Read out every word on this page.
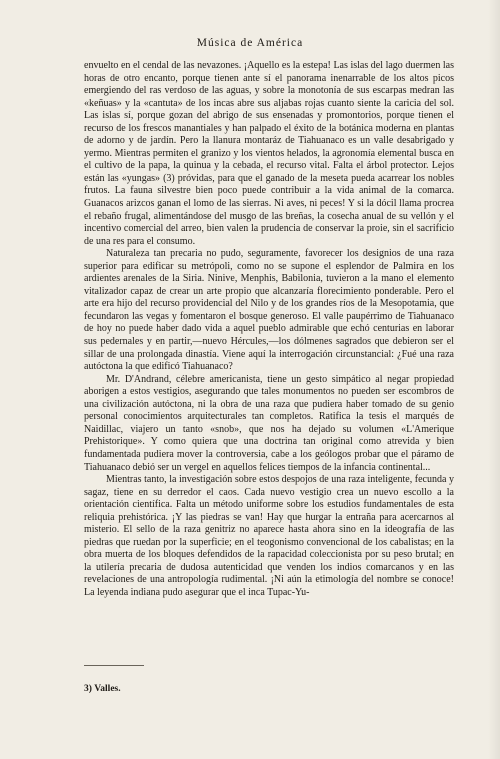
Música de América

envuelto en el cendal de las nevazones. ¡Aquello es la estepa! Las islas del lago duermen las horas de otro encanto, porque tienen ante sí el panorama inenarrable de los altos picos emergiendo del ras verdoso de las aguas, y sobre la monotonía de sus escarpas medran las «keñuas» y la «cantuta» de los incas abre sus aljabas rojas cuanto siente la caricia del sol. Las islas sí, porque gozan del abrigo de sus ensenadas y promontorios, porque tienen el recurso de los frescos manantiales y han palpado el éxito de la botánica moderna en plantas de adorno y de jardín. Pero la llanura montaráz de Tiahuanaco es un valle desabrigado y yermo. Mientras permiten el granizo y los vientos helados, la agronomía elemental busca en el cultivo de la papa, la quinua y la cebada, el recurso vital. Falta el árbol protector. Lejos están las «yungas» (3) próvidas, para que el ganado de la meseta pueda acarrear los nobles frutos. La fauna silvestre bien poco puede contribuir a la vida animal de la comarca. Guanacos arizcos ganan el lomo de las sierras. Ni aves, ni peces! Y si la dócil llama procrea el rebaño frugal, alimentándose del musgo de las breñas, la cosecha anual de su vellón y el incentivo comercial del arreo, bien valen la prudencia de conservar la proie, sin el sacrificio de una res para el consumo.

Naturaleza tan precaria no pudo, seguramente, favorecer los designios de una raza superior para edificar su metrópoli, como no se supone el esplendor de Palmira en los ardientes arenales de la Siria. Ninive, Menphis, Babilonia, tuvieron a la mano el elemento vitalizador capaz de crear un arte propio que alcanzaría florecimiento ponderable. Pero el arte era hijo del recurso providencial del Nilo y de los grandes ríos de la Mesopotamia, que fecundaron las vegas y fomentaron el bosque generoso. El valle paupérrimo de Tiahuanaco de hoy no puede haber dado vida a aquel pueblo admirable que echó centurias en laborar sus pedernales y en partir,—nuevo Hércules,—los dólmenes sagrados que debieron ser el sillar de una prolongada dinastía. Viene aquí la interrogación circunstancial: ¿Fué una raza autóctona la que edificó Tiahuanaco?

Mr. D'Andrand, célebre americanista, tiene un gesto simpático al negar propiedad aborigen a estos vestigios, asegurando que tales monumentos no pueden ser escombros de una civilización autóctona, ni la obra de una raza que pudiera haber tomado de su genio personal conocimientos arquitecturales tan completos. Ratifica la tesis el marqués de Naidillac, viajero un tanto «snob», que nos ha dejado su volumen «L'Amerique Prehistorique». Y como quiera que una doctrina tan original como atrevida y bien fundamentada pudiera mover la controversia, cabe a los geólogos probar que el páramo de Tiahuanaco debió ser un vergel en aquellos felices tiempos de la infancia continental...

Mientras tanto, la investigación sobre estos despojos de una raza inteligente, fecunda y sagaz, tiene en su derredor el caos. Cada nuevo vestigio crea un nuevo escollo a la orientación científica. Falta un método uniforme sobre los estudios fundamentales de esta reliquia prehistórica. ¡Y las piedras se van! Hay que hurgar la entraña para acercarnos al misterio. El sello de la raza genitriz no aparece hasta ahora sino en la ideografía de las piedras que ruedan por la superficie; en el teogonismo convencional de los cabalistas; en la obra muerta de los bloques defendidos de la rapacidad coleccionista por su peso brutal; en la utilería precaria de dudosa autenticidad que venden los indios comarcanos y en las revelaciones de una antropología rudimental. ¡Ni aún la etimología del nombre se conoce! La leyenda indiana pudo asegurar que el inca Tupac-Yu-

3) Valles.
